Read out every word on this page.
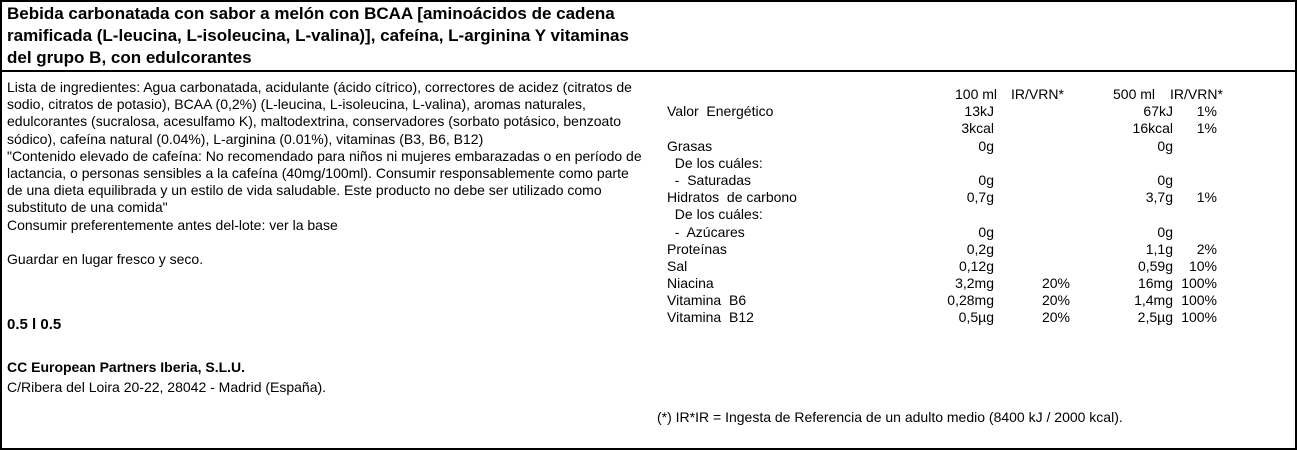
Bebida carbonatada con sabor a melón con BCAA [aminoácidos de cadena ramificada (L-leucina, L-isoleucina, L-valina)], cafeína, L-arginina Y vitaminas del grupo B, con edulcorantes

Lista de ingredientes: Agua carbonatada, acidulante (ácido cítrico), correctores de acidez (citratos de sodio, citratos de potasio), BCAA (0,2%) (L-leucina, L-isoleucina, L-valina), aromas naturales, edulcorantes (sucralosa, acesulfamo K), maltodextrina, conservadores (sorbato potásico, benzoato sódico), cafeína natural (0.04%), L-arginina (0.01%), vitaminas (B3, B6, B12)

"Contenido elevado de cafeína: No recomendado para niños ni mujeres embarazadas o en período de lactancia, o personas sensibles a la cafeína (40mg/100ml). Consumir responsablemente como parte de una dieta equilibrada y un estilo de vida saludable. Este producto no debe ser utilizado como substituto de una comida"

Consumir preferentemente antes del-lote: ver la base

Guardar en lugar fresco y seco.

0.5 l 0.5
CC European Partners Iberia, S.L.U.
C/Ribera del Loira 20-22, 28042 - Madrid (España).
100 ml IR/VRN*	500 ml IR/VRN*
Valor  Energético	13kJ	67kJ 1%
3kcal	16kcal 1%
Grasas	0g	0g
De los cuáles:
-  Saturadas	0g	0g
Hidratos  de carbono	0,7g	3,7g 1%
De los cuáles:
-  Azúcares	0g	0g
Proteínas	0,2g	1,1g 2%
Sal	0,12g	0,59g 10%
Niacina	3,2mg	20%	16mg 100%
Vitamina  B6	0,28mg	20%	1,4mg 100%
Vitamina  B12	0,5µg	20%	2,5µg 100%
(*) IR*IR = Ingesta de Referencia de un adulto medio (8400 kJ / 2000 kcal).
